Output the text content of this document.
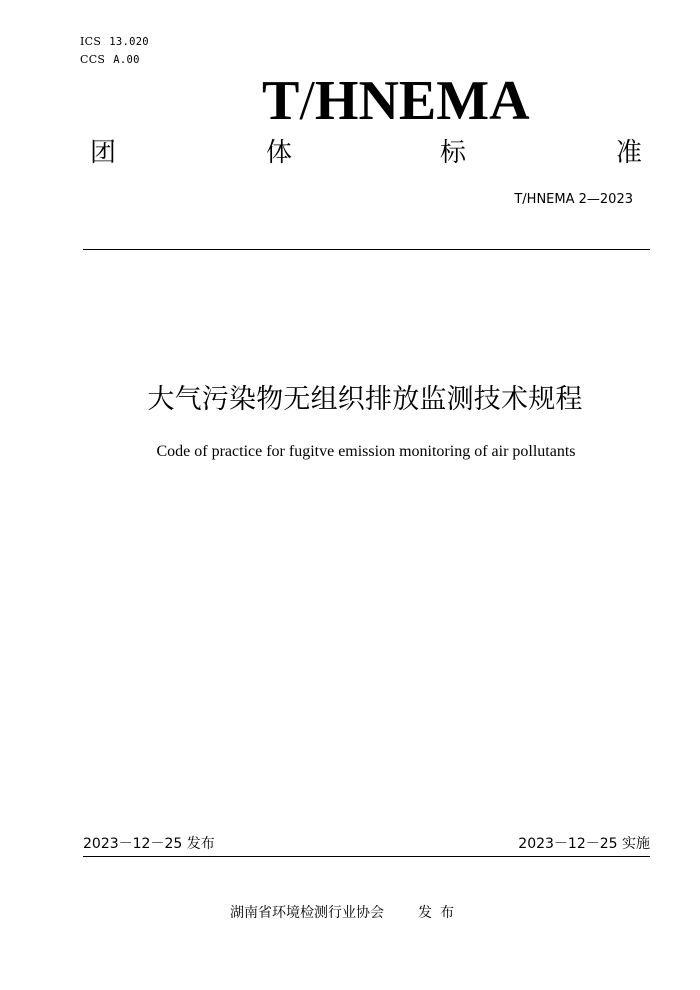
ICS 13.020
CCS A.00
T/HNEMA
团	体	标	准
T/HNEMA 2—2023
大气污染物无组织排放监测技术规程
Code of practice for fugitve emission monitoring of air pollutants
2023－12－25 发布	2023－12－25 实施
湖南省环境检测行业协会 发布
